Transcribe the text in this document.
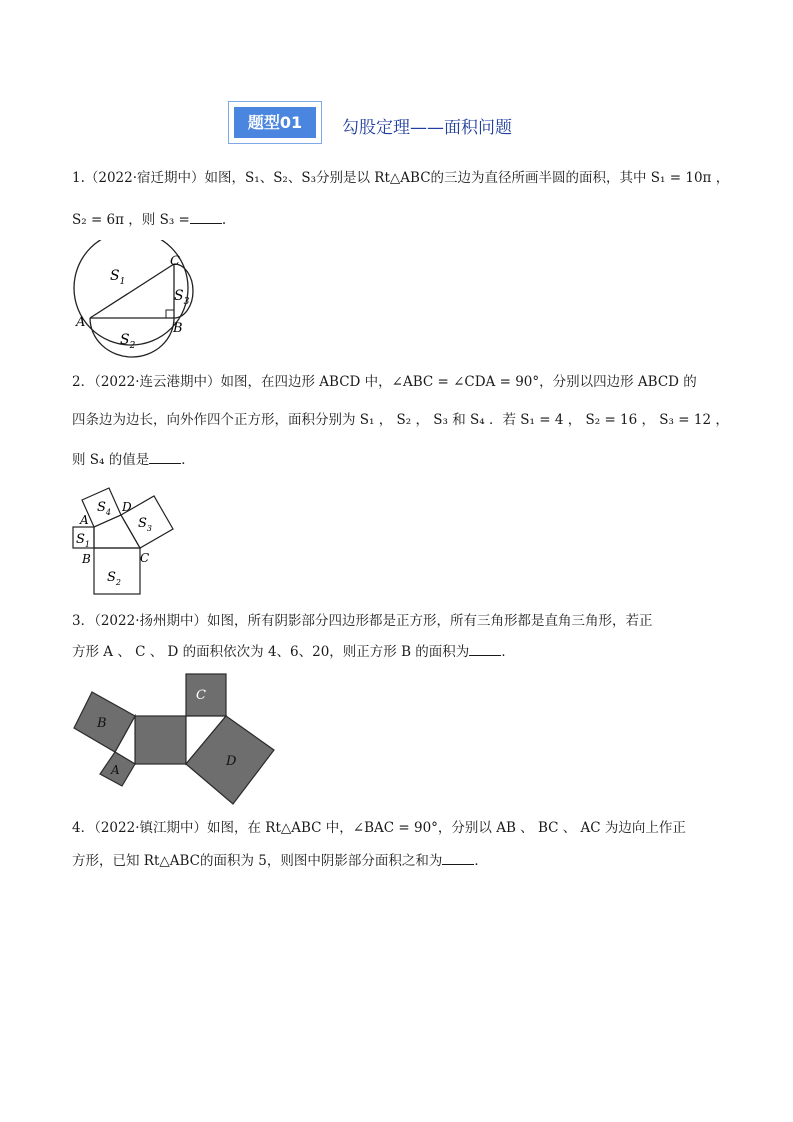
题型01	勾股定理——面积问题
1.（2022·宿迁期中）如图，S₁、S₂、S₃分别是以 Rt△ABC的三边为直径所画半圆的面积，其中 S₁ = 10π ，
S₂ = 6π ，则 S₃ = .
$S_1$
$S_3$
$S_2$
A	B
C
2．（2022·连云港期中）如图，在四边形 ABCD 中，∠ABC = ∠CDA = 90°，分别以四边形 ABCD 的
四条边为边长，向外作四个正方形，面积分别为 S₁ ， S₂ ， S₃ 和 S₄ ．若 S₁ = 4 ， S₂ = 16 ， S₃ = 12 ，
则 S₄ 的值是 ．
$S_4$
$S_3$
$S_1$
$S_2$
A
D
B	C
3．（2022·扬州期中）如图，所有阴影部分四边形都是正方形，所有三角形都是直角三角形，若正
方形 A 、 C 、 D 的面积依次为 4、6、20，则正方形 B 的面积为 ．
C
D
B
A
4．（2022·镇江期中）如图，在 Rt△ABC 中，∠BAC = 90°，分别以 AB 、 BC 、 AC 为边向上作正
方形，已知 Rt△ABC的面积为 5，则图中阴影部分面积之和为 ．
